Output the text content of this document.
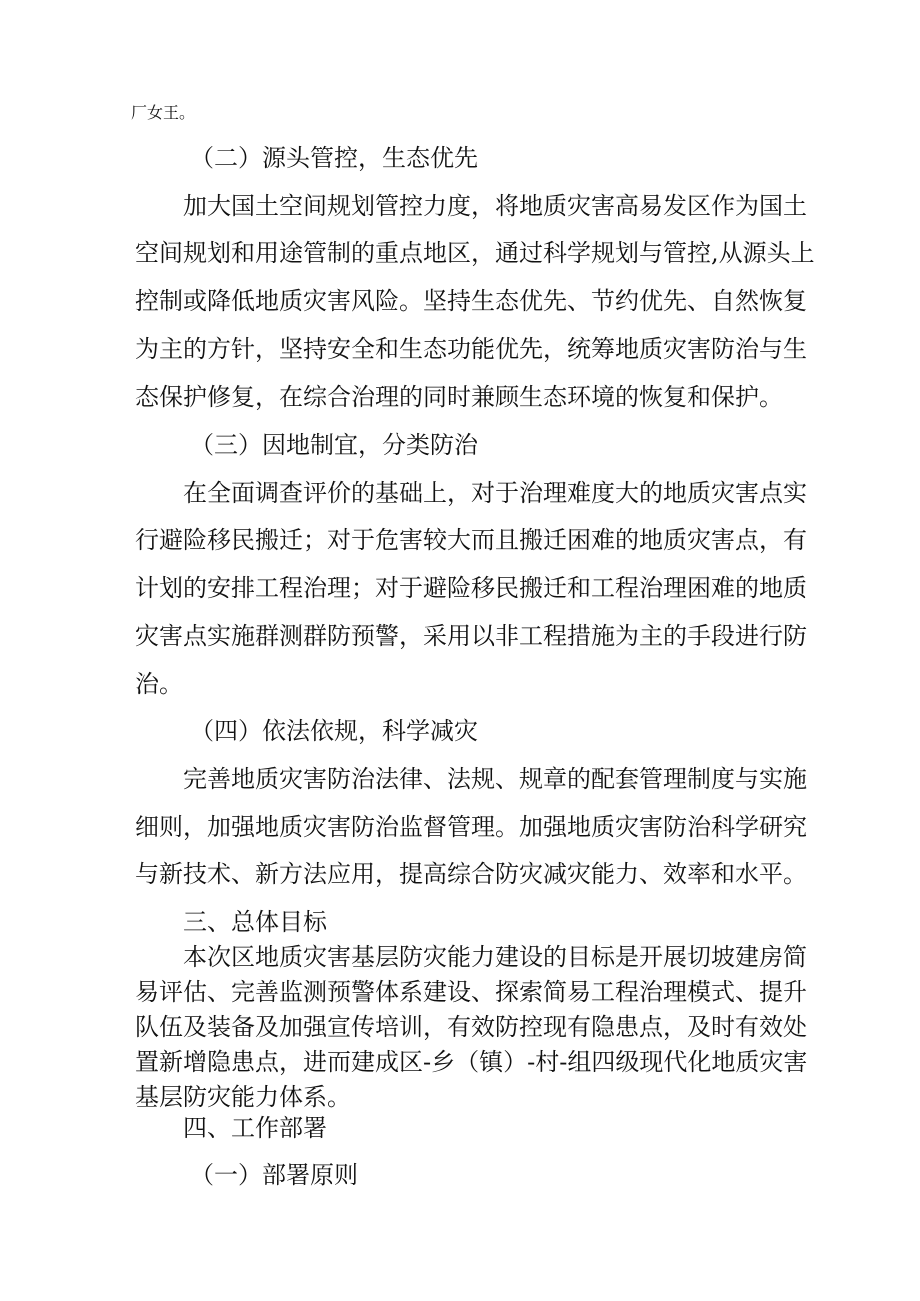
厂女王。
（二）源头管控，生态优先
加大国土空间规划管控力度，将地质灾害高易发区作为国土
空间规划和用途管制的重点地区，通过科学规划与管控,从源头上
控制或降低地质灾害风险。坚持生态优先、节约优先、自然恢复
为主的方针，坚持安全和生态功能优先，统筹地质灾害防治与生
态保护修复，在综合治理的同时兼顾生态环境的恢复和保护。
（三）因地制宜，分类防治
在全面调查评价的基础上，对于治理难度大的地质灾害点实
行避险移民搬迁；对于危害较大而且搬迁困难的地质灾害点，有
计划的安排工程治理；对于避险移民搬迁和工程治理困难的地质
灾害点实施群测群防预警，采用以非工程措施为主的手段进行防
治。
（四）依法依规，科学减灾
完善地质灾害防治法律、法规、规章的配套管理制度与实施
细则，加强地质灾害防治监督管理。加强地质灾害防治科学研究
与新技术、新方法应用，提高综合防灾减灾能力、效率和水平。
三、总体目标
本次区地质灾害基层防灾能力建设的目标是开展切坡建房简
易评估、完善监测预警体系建设、探索简易工程治理模式、提升
队伍及装备及加强宣传培训，有效防控现有隐患点，及时有效处
置新增隐患点，进而建成区-乡（镇）-村-组四级现代化地质灾害
基层防灾能力体系。
四、工作部署
（一）部署原则
